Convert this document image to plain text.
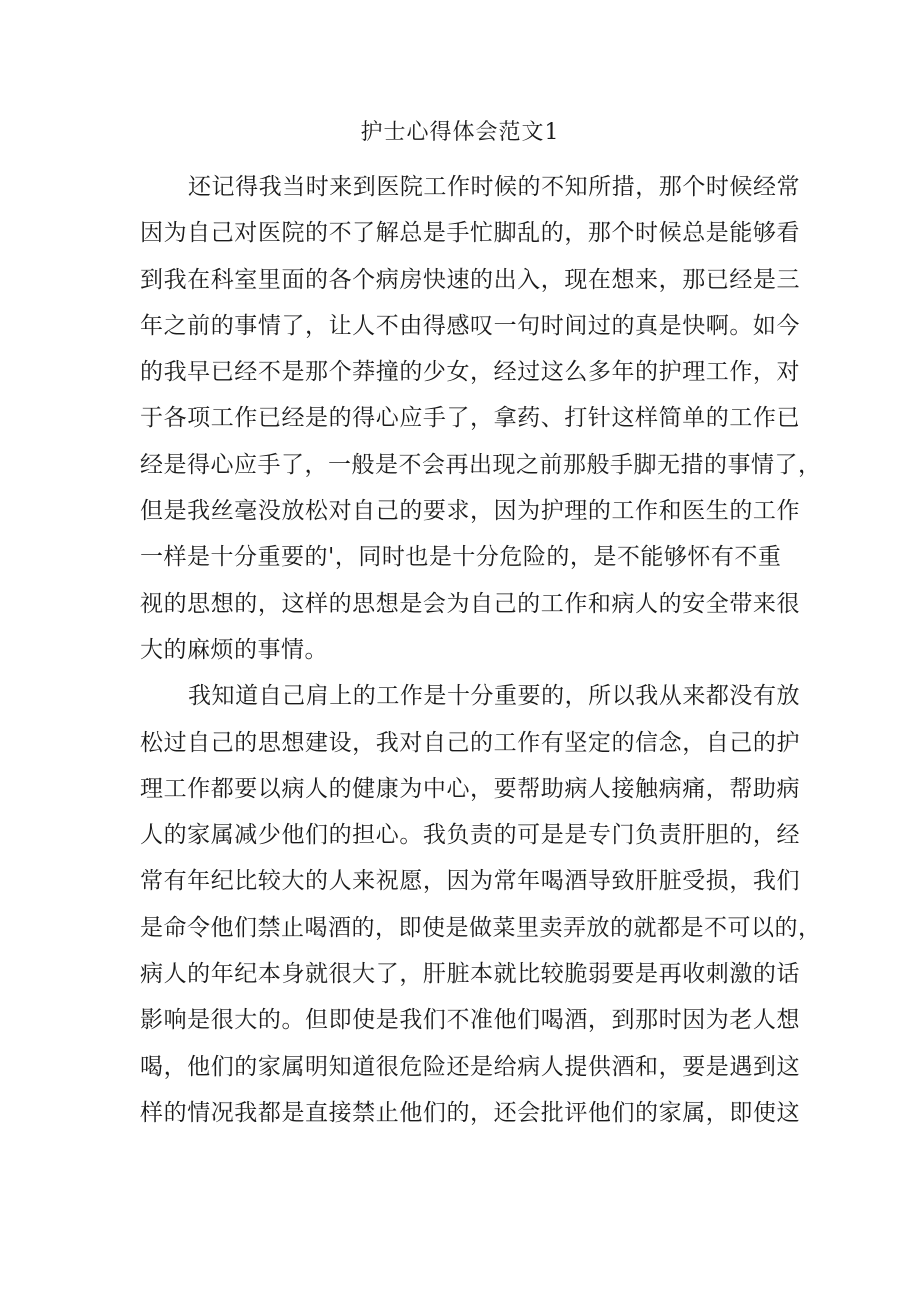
护士心得体会范文1
还记得我当时来到医院工作时候的不知所措，那个时候经常
因为自己对医院的不了解总是手忙脚乱的，那个时候总是能够看
到我在科室里面的各个病房快速的出入，现在想来，那已经是三
年之前的事情了，让人不由得感叹一句时间过的真是快啊。如今
的我早已经不是那个莽撞的少女，经过这么多年的护理工作，对
于各项工作已经是的得心应手了，拿药、打针这样简单的工作已
经是得心应手了，一般是不会再出现之前那般手脚无措的事情了，
但是我丝毫没放松对自己的要求，因为护理的工作和医生的工作
一样是十分重要的'，同时也是十分危险的，是不能够怀有不重
视的思想的，这样的思想是会为自己的工作和病人的安全带来很
大的麻烦的事情。
我知道自己肩上的工作是十分重要的，所以我从来都没有放
松过自己的思想建设，我对自己的工作有坚定的信念，自己的护
理工作都要以病人的健康为中心，要帮助病人接触病痛，帮助病
人的家属减少他们的担心。我负责的可是是专门负责肝胆的，经
常有年纪比较大的人来祝愿，因为常年喝酒导致肝脏受损，我们
是命令他们禁止喝酒的，即使是做菜里卖弄放的就都是不可以的，
病人的年纪本身就很大了，肝脏本就比较脆弱要是再收刺激的话
影响是很大的。但即使是我们不准他们喝酒，到那时因为老人想
喝，他们的家属明知道很危险还是给病人提供酒和，要是遇到这
样的情况我都是直接禁止他们的，还会批评他们的家属，即使这
